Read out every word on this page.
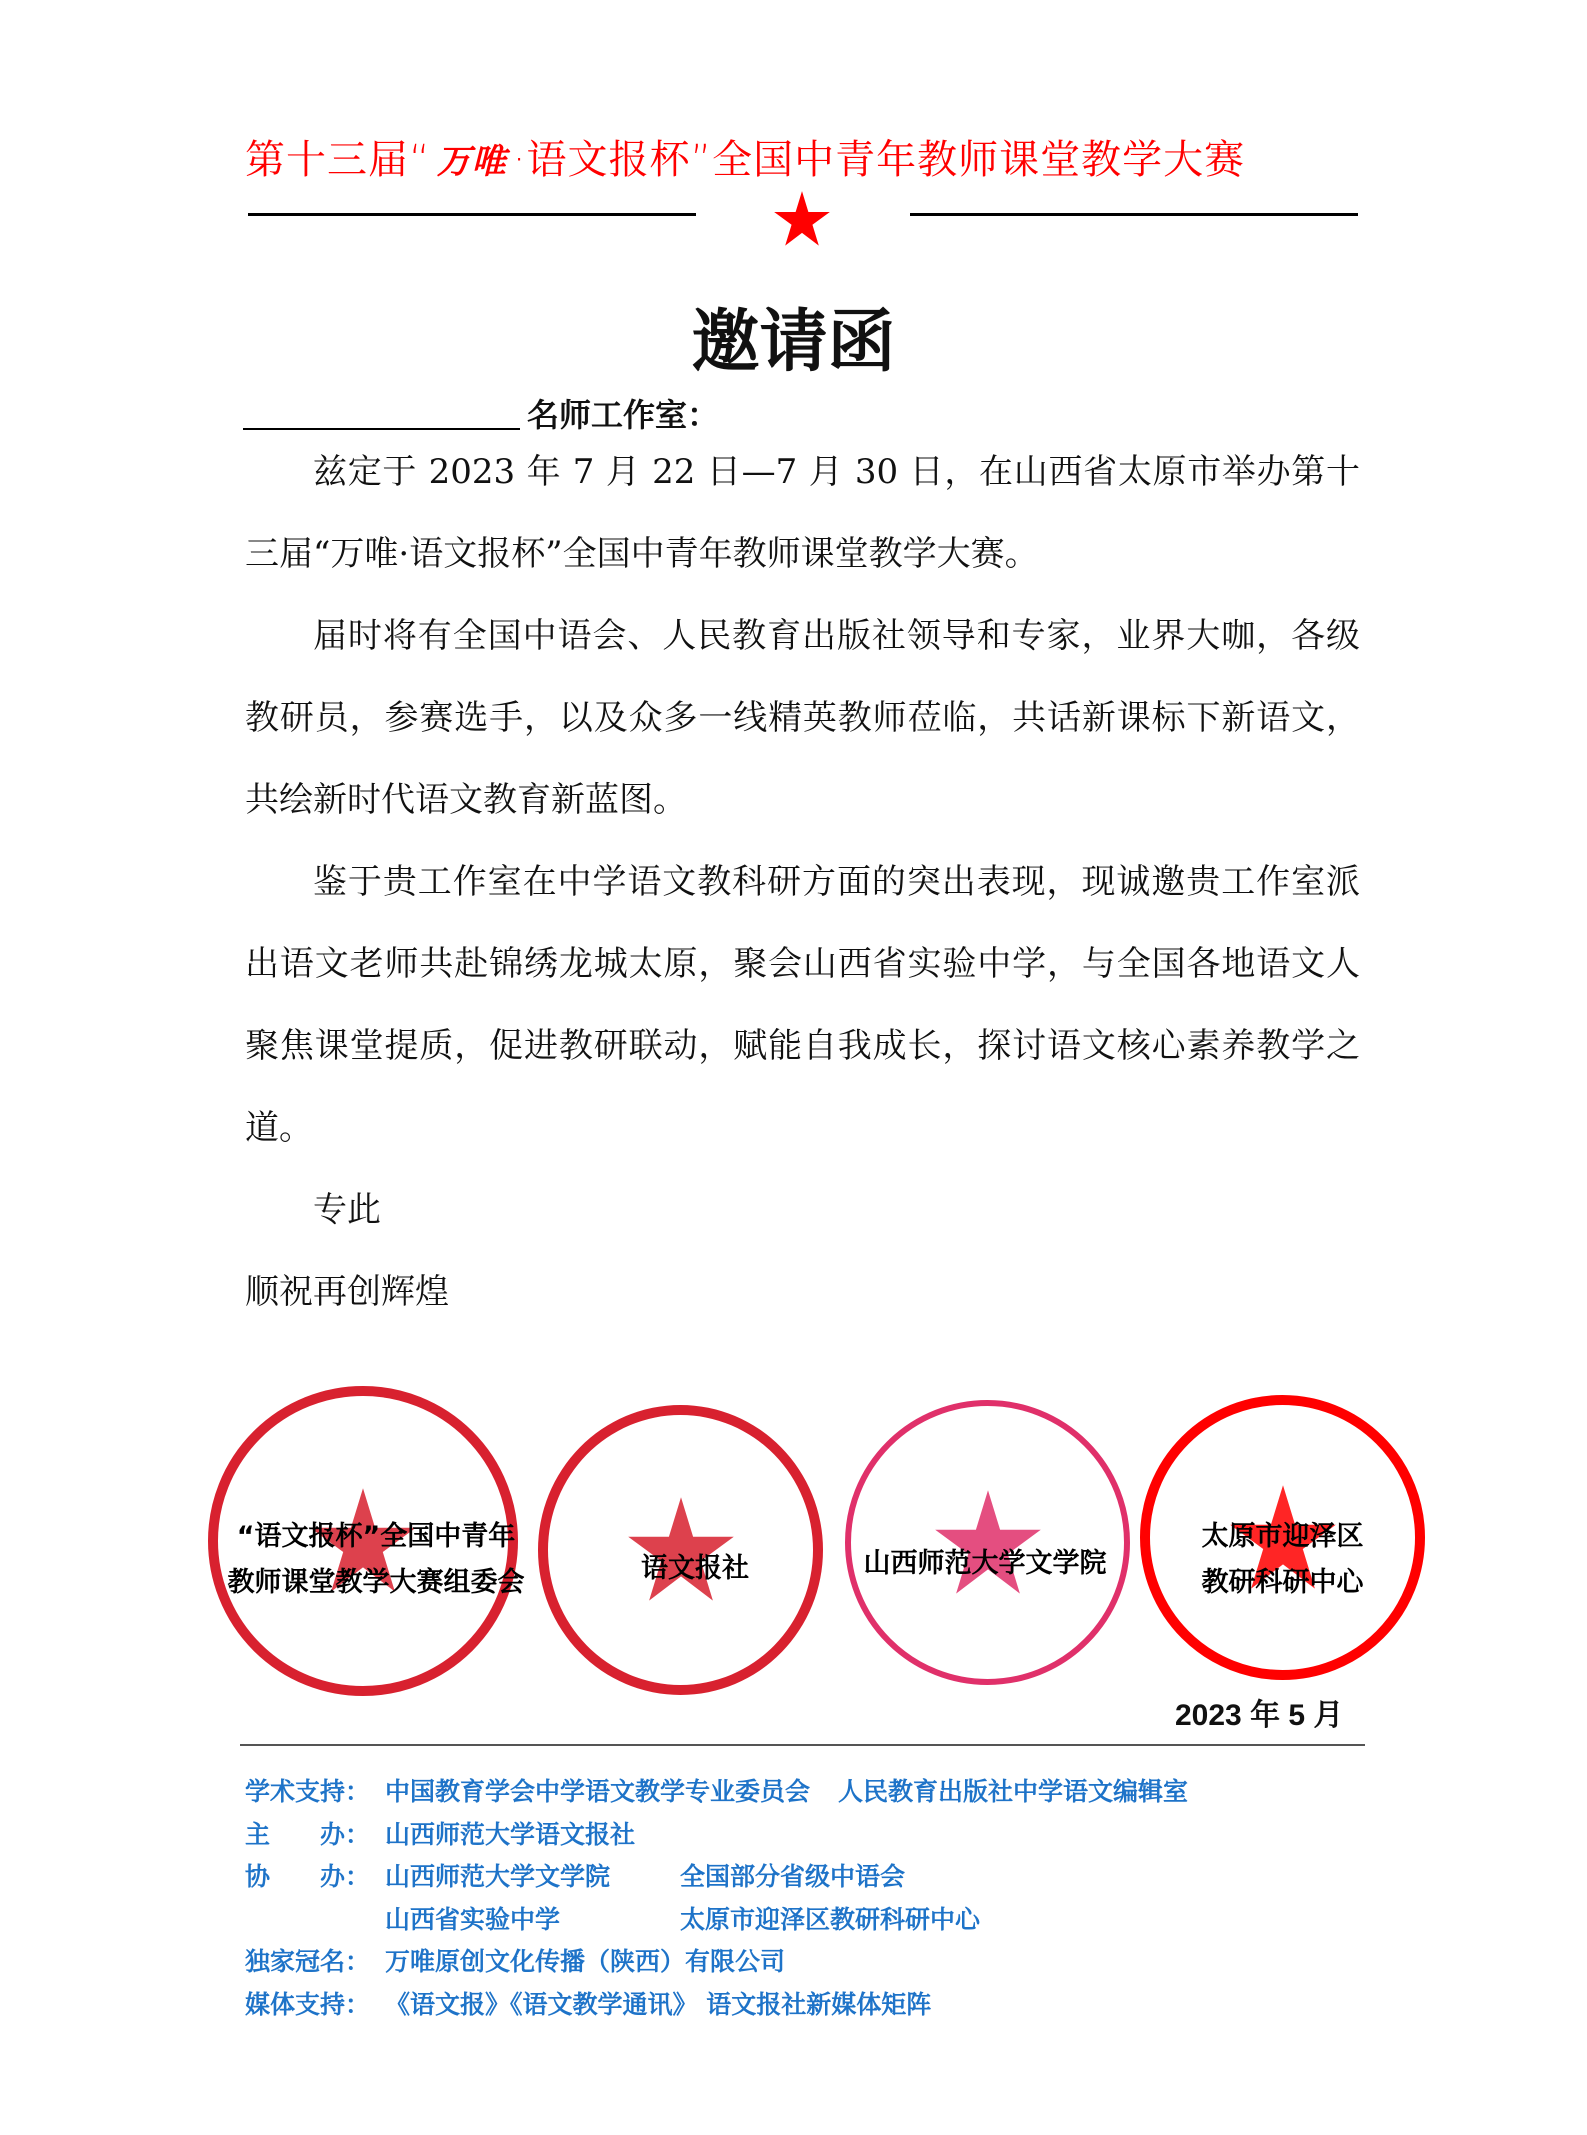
第十三届“ 万唯 ·语文报杯”全国中青年教师课堂教学大赛
邀请函
名师工作室：
兹定于 2023 年 7 月 22 日—7 月 30 日，在山西省太原市举办第十三届“万唯·语文报杯”全国中青年教师课堂教学大赛。
届时将有全国中语会、人民教育出版社领导和专家，业界大咖，各级教研员，参赛选手，以及众多一线精英教师莅临，共话新课标下新语文，共绘新时代语文教育新蓝图。
鉴于贵工作室在中学语文教科研方面的突出表现，现诚邀贵工作室派出语文老师共赴锦绣龙城太原，聚会山西省实验中学，与全国各地语文人聚焦课堂提质，促进教研联动，赋能自我成长，探讨语文核心素养教学之道。
专此
顺祝再创辉煌
“语文报杯”全国中青年
教师课堂教学大赛组委会	语文报社	山西师范大学文学院
太原市迎泽区
教研科研中心
2023 年 5 月
学术支持： 中国教育学会中学语文教学专业委员会 人民教育出版社中学语文编辑室
主　　办： 山西师范大学语文报社
协　　办： 山西师范大学文学院	全国部分省级中语会
山西省实验中学	太原市迎泽区教研科研中心
独家冠名： 万唯原创文化传播（陕西）有限公司
媒体支持： 《语文报》《语文教学通讯》 语文报社新媒体矩阵
